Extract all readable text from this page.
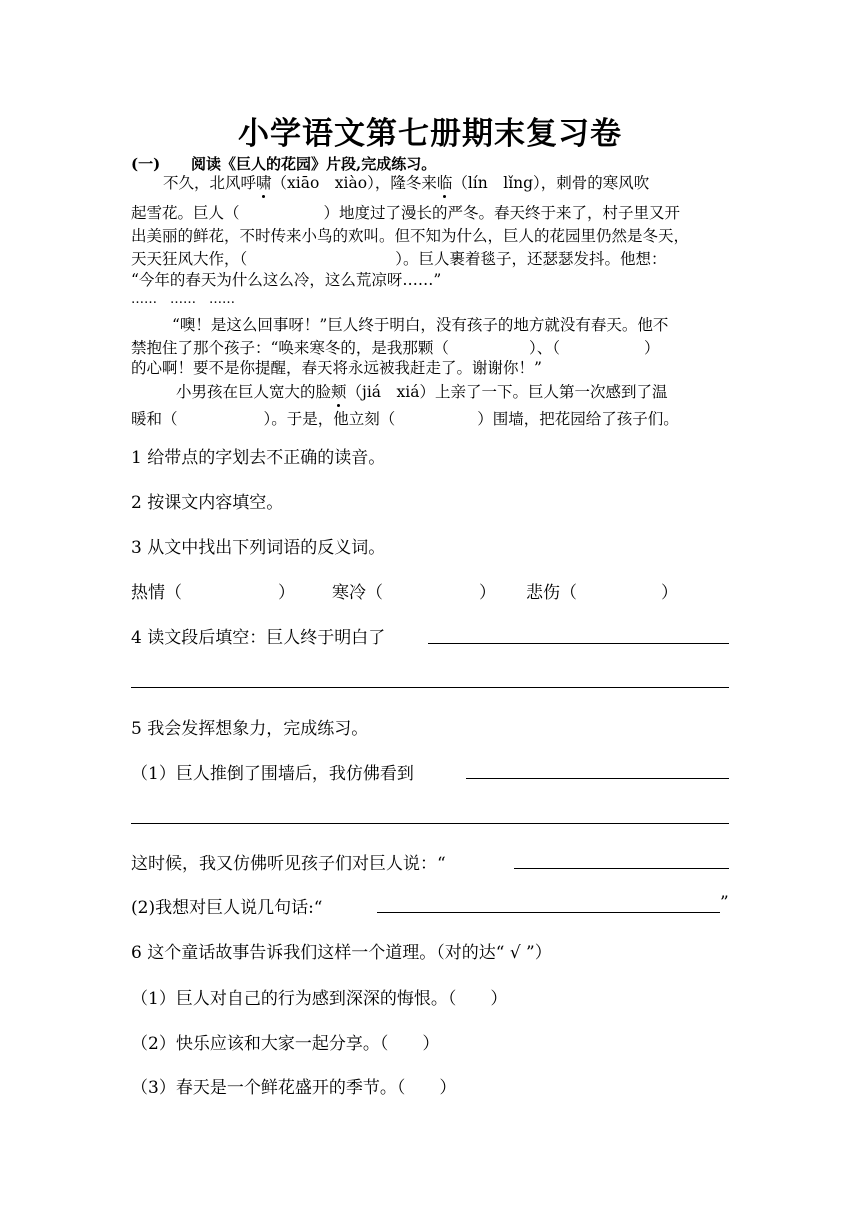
小学语文第七册期末复习卷
(一) 阅读《巨人的花园》片段,完成练习。
不久，北风呼啸（xiāo　xiào），隆冬来临（lín　lǐng），刺骨的寒风吹
起雪花。巨人（	）地度过了漫长的严冬。春天终于来了，村子里又开
出美丽的鲜花，不时传来小鸟的欢叫。但不知为什么，巨人的花园里仍然是冬天，
天天狂风大作，（	）。巨人裹着毯子，还瑟瑟发抖。他想：
“今年的春天为什么这么冷，这么荒凉呀……”
……　……　……
“噢！是这么回事呀！”巨人终于明白，没有孩子的地方就没有春天。他不
禁抱住了那个孩子：“唤来寒冬的，是我那颗（	）、（	）
的心啊！要不是你提醒，春天将永远被我赶走了。谢谢你！”
小男孩在巨人宽大的脸颊（jiá　xiá）上亲了一下。巨人第一次感到了温
暖和（	）。于是，他立刻（	）围墙，把花园给了孩子们。
1 给带点的字划去不正确的读音。
2 按课文内容填空。
3 从文中找出下列词语的反义词。
热情（	） 寒冷（	） 悲伤（	）
4 读文段后填空：巨人终于明白了
5 我会发挥想象力，完成练习。
（1）巨人推倒了围墙后，我仿佛看到
这时候，我又仿佛听见孩子们对巨人说：“
(2)我想对巨人说几句话:“	”
6 这个童话故事告诉我们这样一个道理。（对的达“ √ ”）
（1）巨人对自己的行为感到深深的悔恨。（ ）
（2）快乐应该和大家一起分享。（ ）
（3）春天是一个鲜花盛开的季节。（ ）
